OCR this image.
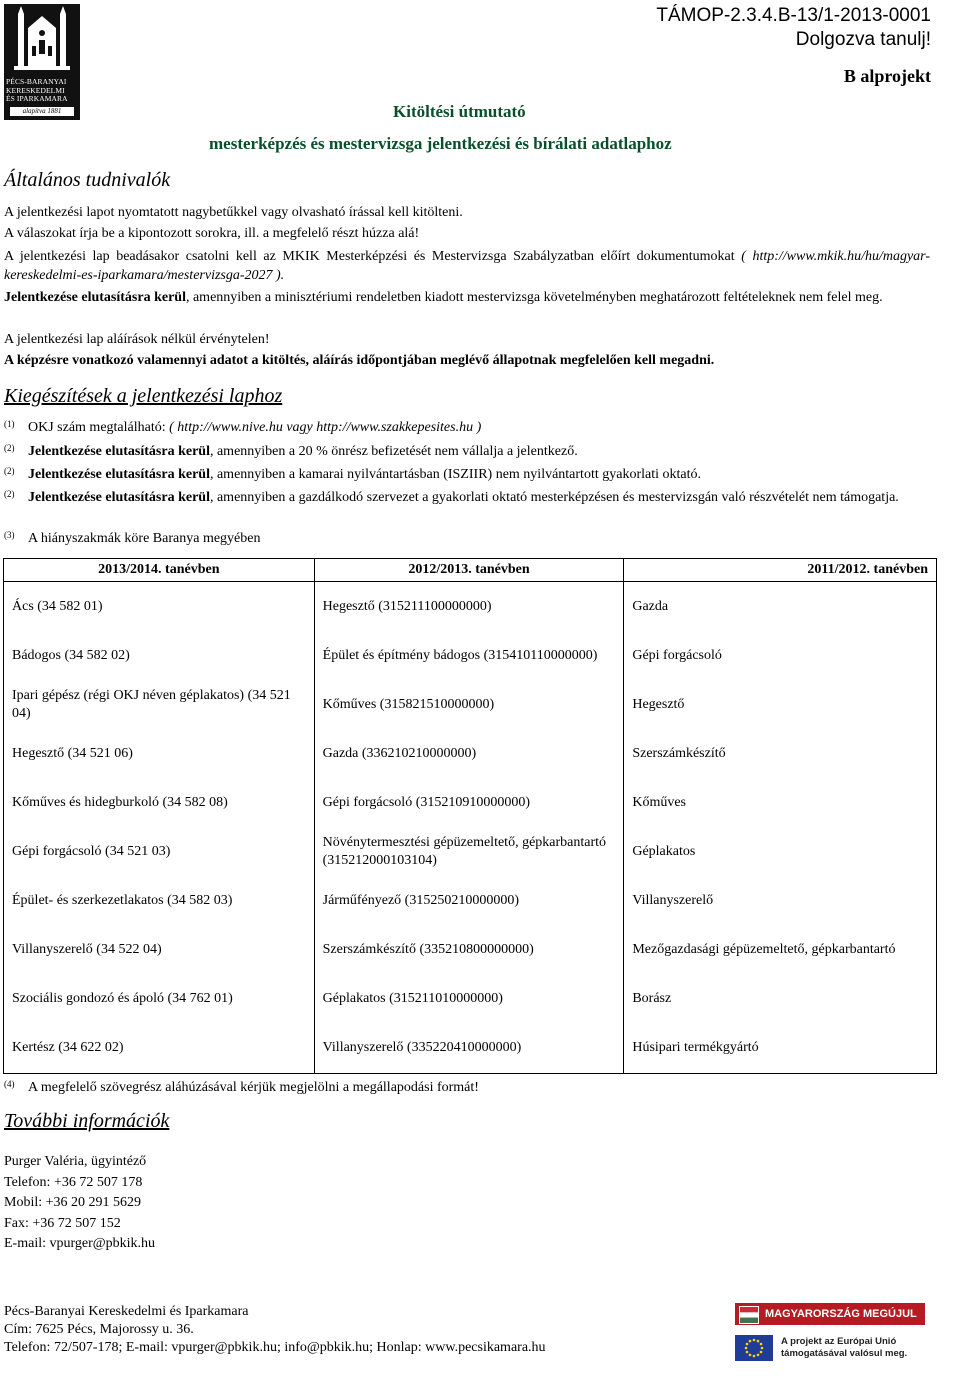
PÉCS-BARANYAI
KERESKEDELMI
ÉS IPARKAMARA
alapítva 1881
TÁMOP-2.3.4.B-13/1-2013-0001
Dolgozva tanulj!
B alprojekt
Kitöltési útmutató
mesterképzés és mestervizsga jelentkezési és bírálati adatlaphoz
Általános tudnivalók
A jelentkezési lapot nyomtatott nagybetűkkel vagy olvasható írással kell kitölteni.
A válaszokat írja be a kipontozott sorokra, ill. a megfelelő részt húzza alá!
A jelentkezési lap beadásakor csatolni kell az MKIK Mesterképzési és Mestervizsga Szabályzatban előírt dokumentumokat ( http://www.mkik.hu/hu/magyar-kereskedelmi-es-iparkamara/mestervizsga-2027 ).
Jelentkezése elutasításra kerül, amennyiben a minisztériumi rendeletben kiadott mestervizsga követelményben meghatározott feltételeknek nem felel meg.
A jelentkezési lap aláírások nélkül érvénytelen!
A képzésre vonatkozó valamennyi adatot a kitöltés, aláírás időpontjában meglévő állapotnak megfelelően kell megadni.
Kiegészítések a jelentkezési laphoz
(1) OKJ szám megtalálható: ( http://www.nive.hu vagy http://www.szakkepesites.hu )
(2) Jelentkezése elutasításra kerül, amennyiben a 20 % önrész befizetését nem vállalja a jelentkező.
(2) Jelentkezése elutasításra kerül, amennyiben a kamarai nyilvántartásban (ISZIIR) nem nyilvántartott gyakorlati oktató.
(2) Jelentkezése elutasításra kerül, amennyiben a gazdálkodó szervezet a gyakorlati oktató mesterképzésen és mestervizsgán való részvételét nem támogatja.
(3) A hiányszakmák köre Baranya megyében
2013/2014. tanévben	2012/2013. tanévben	2011/2012. tanévben
Ács (34 582 01)	Hegesztő (315211100000000)	Gazda
Bádogos (34 582 02)	Épület és építmény bádogos (315410110000000)	Gépi forgácsoló
Ipari gépész (régi OKJ néven géplakatos) (34 521 04)	Kőműves (315821510000000)	Hegesztő
Hegesztő (34 521 06)	Gazda (336210210000000)	Szerszámkészítő
Kőműves és hidegburkoló (34 582 08)	Gépi forgácsoló (315210910000000)	Kőműves
Gépi forgácsoló (34 521 03)	Növénytermesztési gépüzemeltető, gépkarbantartó (315212000103104)	Géplakatos
Épület- és szerkezetlakatos (34 582 03)	Járműfényező (315250210000000)	Villanyszerelő
Villanyszerelő (34 522 04)	Szerszámkészítő (335210800000000)	Mezőgazdasági gépüzemeltető, gépkarbantartó
Szociális gondozó és ápoló (34 762 01)	Géplakatos (315211010000000)	Borász
Kertész (34 622 02)	Villanyszerelő (335220410000000)	Húsipari termékgyártó
(4) A megfelelő szövegrész aláhúzásával kérjük megjelölni a megállapodási formát!
További információk
Purger Valéria, ügyintéző
Telefon: +36 72 507 178
Mobil: +36 20 291 5629
Fax: +36 72 507 152
E-mail: vpurger@pbkik.hu
Pécs-Baranyai Kereskedelmi és Iparkamara
Cím: 7625 Pécs, Majorossy u. 36.
Telefon: 72/507-178; E-mail: vpurger@pbkik.hu; info@pbkik.hu; Honlap: www.pecsikamara.hu
MAGYARORSZÁG MEGÚJUL
A projekt az Európai Unió
támogatásával valósul meg.
